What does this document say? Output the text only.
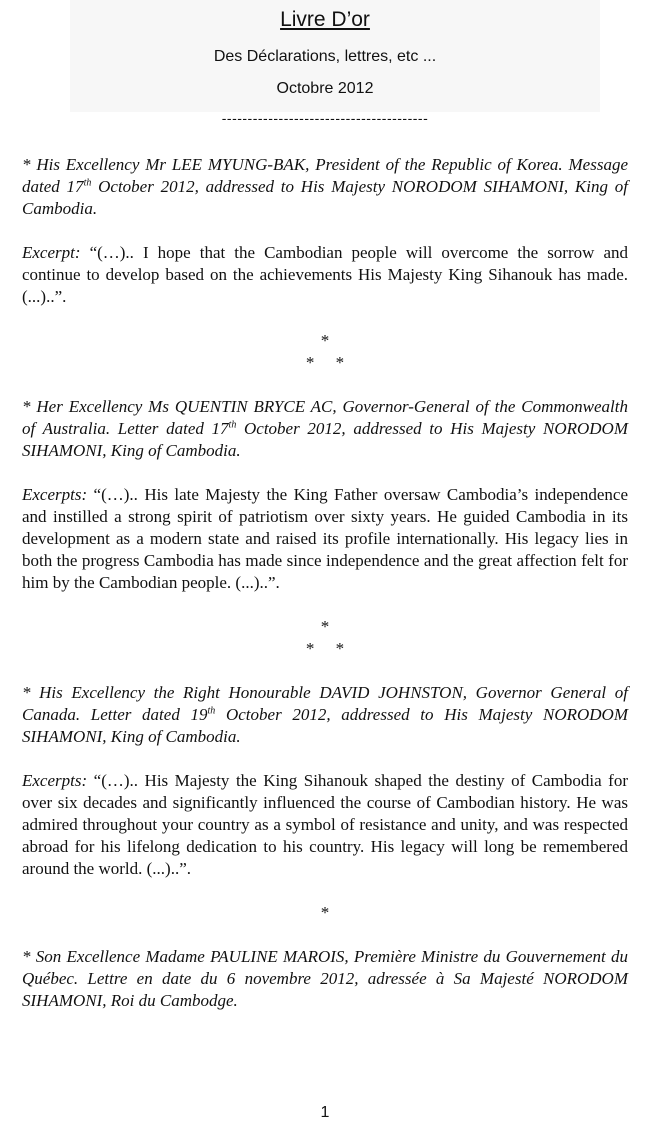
Livre D’or
Des Déclarations, lettres, etc ...
Octobre 2012
----------------------------------------

* His Excellency Mr LEE MYUNG-BAK, President of the Republic of Korea. Message dated 17th October 2012, addressed to His Majesty NORODOM SIHAMONI, King of Cambodia.

Excerpt: “(…).. I hope that the Cambodian people will overcome the sorrow and continue to develop based on the achievements His Majesty King Sihanouk has made. (...)..”.

*
*     *

* Her Excellency Ms QUENTIN BRYCE AC, Governor-General of the Commonwealth of Australia. Letter dated 17th October 2012, addressed to His Majesty NORODOM SIHAMONI, King of Cambodia.

Excerpts: “(…).. His late Majesty the King Father oversaw Cambodia’s independence and instilled a strong spirit of patriotism over sixty years. He guided Cambodia in its development as a modern state and raised its profile internationally. His legacy lies in both the progress Cambodia has made since independence and the great affection felt for him by the Cambodian people. (...)..”.

*
*     *

* His Excellency the Right Honourable DAVID JOHNSTON, Governor General of Canada. Letter dated 19th October 2012, addressed to His Majesty NORODOM SIHAMONI, King of Cambodia.

Excerpts: “(…).. His Majesty the King Sihanouk shaped the destiny of Cambodia for over six decades and significantly influenced the course of Cambodian history. He was admired throughout your country as a symbol of resistance and unity, and was respected abroad for his lifelong dedication to his country. His legacy will long be remembered around the world. (...)..”.

*

* Son Excellence Madame PAULINE MAROIS, Première Ministre du Gouvernement du Québec. Lettre en date du 6 novembre 2012, adressée à Sa Majesté NORODOM SIHAMONI, Roi du Cambodge.

1
